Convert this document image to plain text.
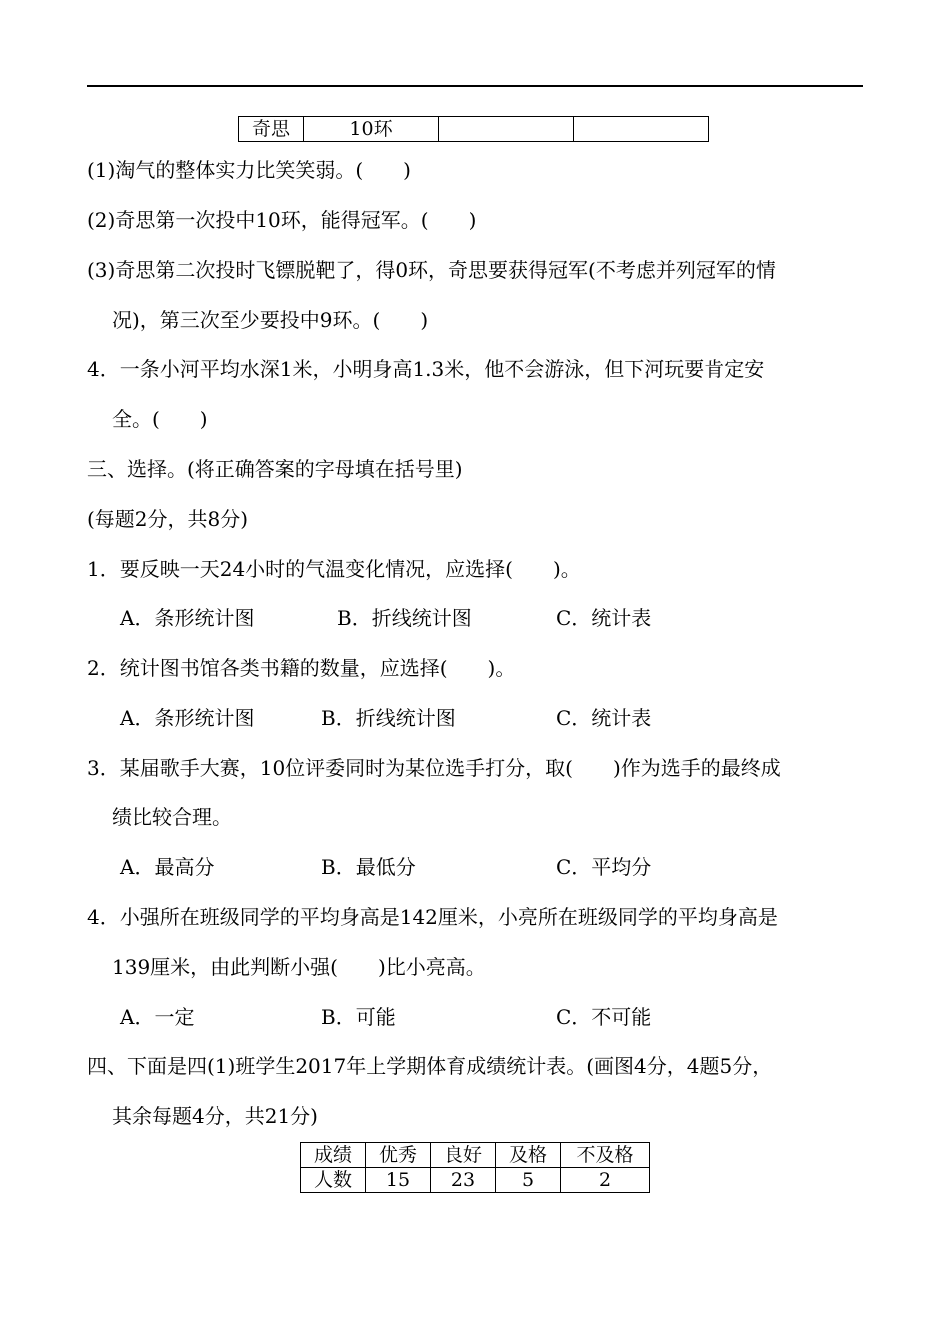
奇思	10环		
(1)淘气的整体实力比笑笑弱。(　　)
(2)奇思第一次投中10环，能得冠军。(　　)
(3)奇思第二次投时飞镖脱靶了，得0环，奇思要获得冠军(不考虑并列冠军的情
况)，第三次至少要投中9环。(　　)
4．一条小河平均水深1米，小明身高1.3米，他不会游泳，但下河玩要肯定安
全。(　　)
三、选择。(将正确答案的字母填在括号里)
(每题2分，共8分)
1．要反映一天24小时的气温变化情况，应选择(　　)。
A．条形统计图	B．折线统计图	C．统计表
2．统计图书馆各类书籍的数量，应选择(　　)。
A．条形统计图	B．折线统计图	C．统计表
3．某届歌手大赛，10位评委同时为某位选手打分，取(　　)作为选手的最终成
绩比较合理。
A．最高分	B．最低分	C．平均分
4．小强所在班级同学的平均身高是142厘米，小亮所在班级同学的平均身高是
139厘米，由此判断小强(　　)比小亮高。
A．一定	B．可能	C．不可能
四、下面是四(1)班学生2017年上学期体育成绩统计表。(画图4分，4题5分，
其余每题4分，共21分)
成绩	优秀	良好	及格	不及格
人数	15	23	5	2
